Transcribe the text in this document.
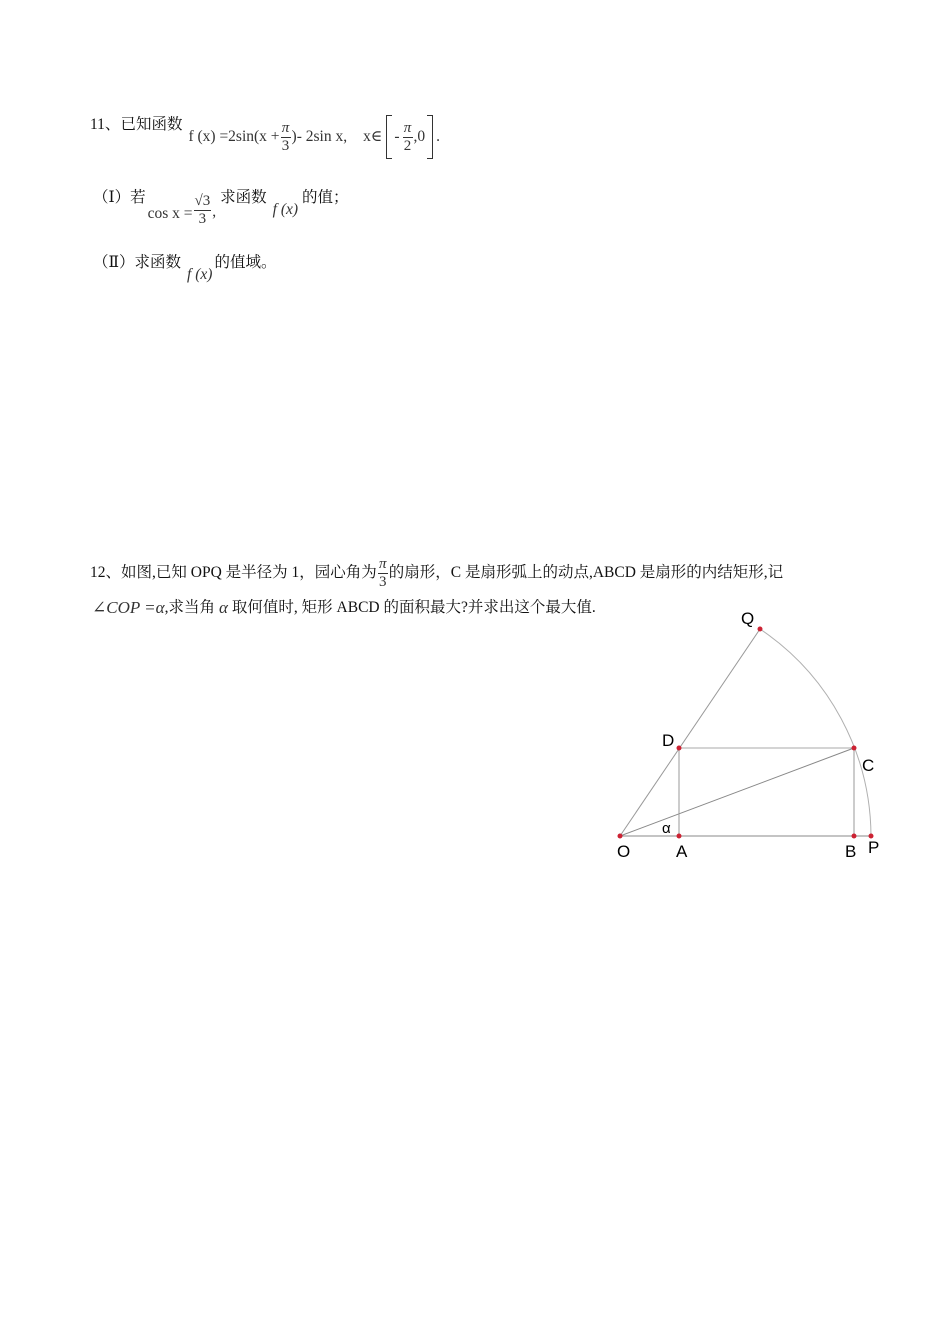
11、 已知函数
f $(x) =2\sin(x + \frac{\pi}{3}$ )- 2sin x, x∈ - $\frac{\pi}{2} ,0$ .
（Ⅰ）若
$\cos x = \frac{√3}{3}$ ,
求函数
f (x)
的值；
（Ⅱ）求函数
f (x)
的值域。
12、如图,已知 OPQ 是半径为 1，园心角为 $\frac{\pi}{3}$ 的扇形，C 是扇形弧上的动点,ABCD 是扇形的内结矩形,记
∠COP =α ,求当角 α 取何值时, 矩形 ABCD 的面积最大?并求出这个最大值.
O	A	B P
C
D
Q
α
